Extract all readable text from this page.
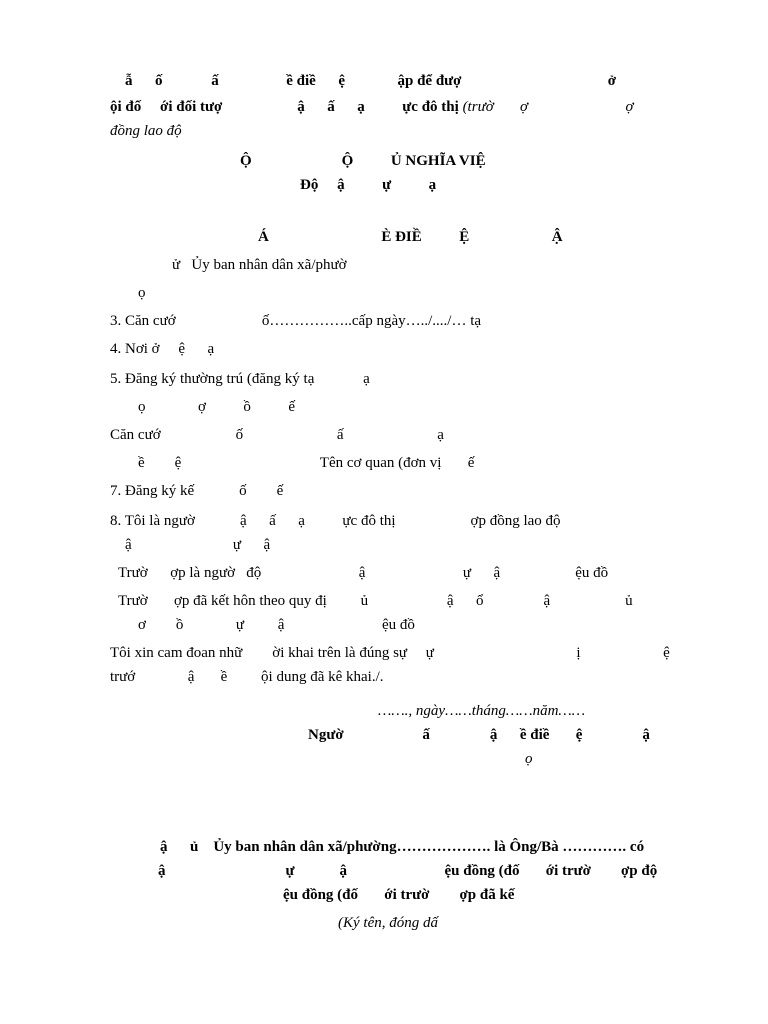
ẫ      ố             ấ                  ề điề      ệ              ập để đượ                                       ở
ội đố     ới đối tượ                    ậ      ấ      ạ          ực đô thị (trườ       ợ                          ợ
đồng lao độ
Ộ                        Ộ          Ủ NGHĨA VIỆ
Độ     ậ          ự          ạ
Á                              È ĐIỀ          Ệ                      Ậ
ử   Ủy ban nhân dân xã/phườ
ọ
3. Căn cướ                       ố……………..cấp ngày…../..../… tạ
4. Nơi ở     ệ      ạ
5. Đăng ký thường trú (đăng ký tạ             ạ
ọ              ợ          ồ          ế
Căn cướ                    ố                         ấ                         ạ
ề        ệ                                     Tên cơ quan (đơn vị       ế
7. Đăng ký kế            ố        ế
8. Tôi là ngườ            ậ      ấ      ạ          ực đô thị                    ợp đồng lao độ
ậ                           ự      ậ
Trườ      ợp là ngườ   độ                          ậ                          ự      ậ                    ệu đồ
Trườ       ợp đã kết hôn theo quy đị         ủ                     ậ      ổ                ậ                    ủ
ơ        ồ              ự         ậ                          ệu đồ
Tôi xin cam đoan nhữ        ời khai trên là đúng sự     ự                                      ị                      ệ
trướ              ậ       ề         ội dung đã kê khai./.
……., ngày……tháng……năm……
Ngườ                     ấ                ậ      ề điề       ệ                ậ
ọ
ậ      ủ    Ủy ban nhân dân xã/phường………………. là Ông/Bà …………. có
ậ                                ự            ậ                          ệu đồng (đố       ới trườ        ợp độ
ệu đồng (đố       ới trườ        ợp đã kế
(Ký tên, đóng dấ
